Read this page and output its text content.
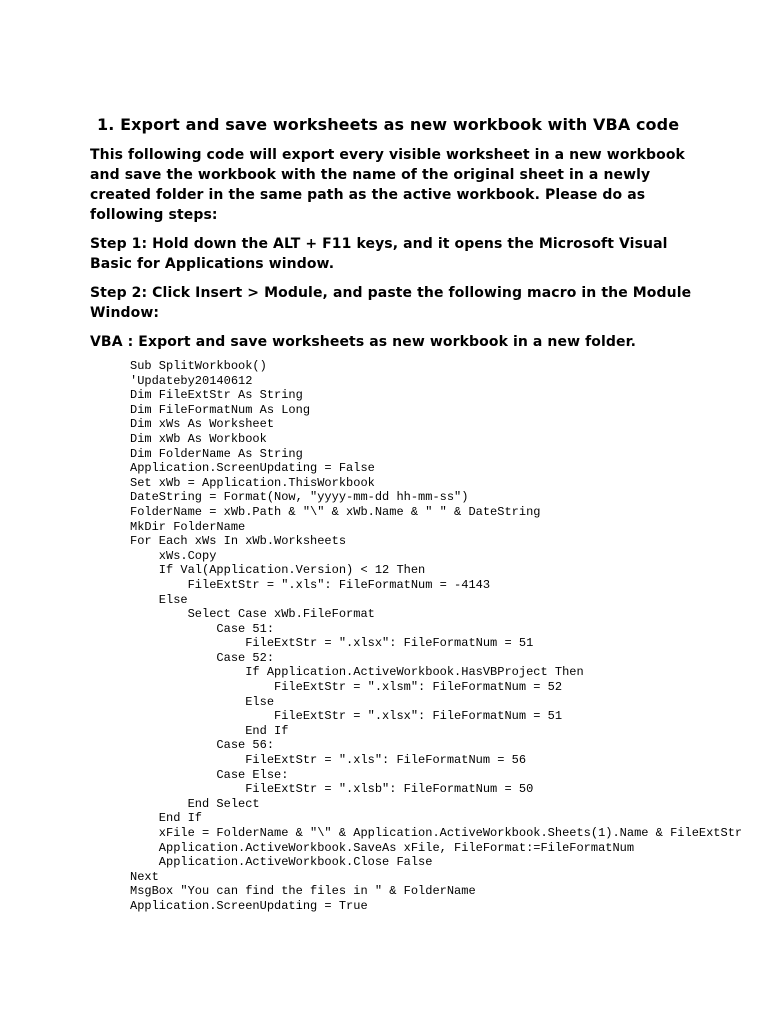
1. Export and save worksheets as new workbook with VBA code

This following code will export every visible worksheet in a new workbook
and save the workbook with the name of the original sheet in a newly
created folder in the same path as the active workbook. Please do as
following steps:

Step 1: Hold down the ALT + F11 keys, and it opens the Microsoft Visual
Basic for Applications window.

Step 2: Click Insert > Module, and paste the following macro in the Module
Window:

VBA : Export and save worksheets as new workbook in a new folder.

Sub SplitWorkbook()
'Updateby20140612
Dim FileExtStr As String
Dim FileFormatNum As Long
Dim xWs As Worksheet
Dim xWb As Workbook
Dim FolderName As String
Application.ScreenUpdating = False
Set xWb = Application.ThisWorkbook
DateString = Format(Now, "yyyy-mm-dd hh-mm-ss")
FolderName = xWb.Path & "\" & xWb.Name & " " & DateString
MkDir FolderName
For Each xWs In xWb.Worksheets
xWs.Copy
If Val(Application.Version) < 12 Then
FileExtStr = ".xls": FileFormatNum = -4143
Else
Select Case xWb.FileFormat
Case 51:
FileExtStr = ".xlsx": FileFormatNum = 51
Case 52:
If Application.ActiveWorkbook.HasVBProject Then
FileExtStr = ".xlsm": FileFormatNum = 52
Else
FileExtStr = ".xlsx": FileFormatNum = 51
End If
Case 56:
FileExtStr = ".xls": FileFormatNum = 56
Case Else:
FileExtStr = ".xlsb": FileFormatNum = 50
End Select
End If
xFile = FolderName & "\" & Application.ActiveWorkbook.Sheets(1).Name & FileExtStr
Application.ActiveWorkbook.SaveAs xFile, FileFormat:=FileFormatNum
Application.ActiveWorkbook.Close False
Next
MsgBox "You can find the files in " & FolderName
Application.ScreenUpdating = True
